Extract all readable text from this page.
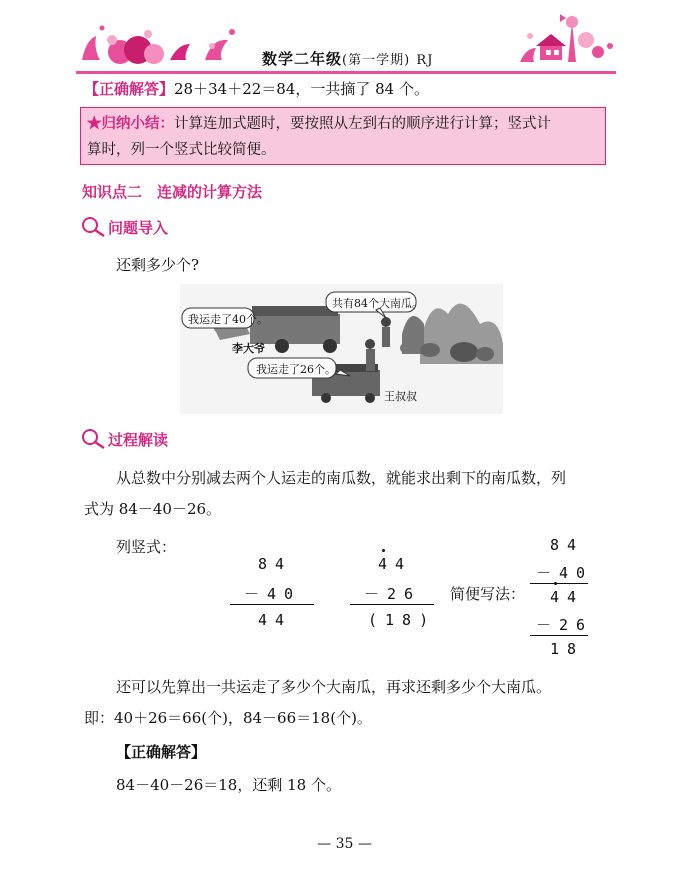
数学二年级(第一学期) RJ
【正确解答】28＋34＋22＝84，一共摘了 84 个。
★归纳小结：计算连加式题时，要按照从左到右的顺序进行计算；竖式计
算时，列一个竖式比较简便。
知识点二　连减的计算方法
问题导入
还剩多少个?
我运走了40个。
共有84个大南瓜。
我运走了26个。
李大爷
王叔叔
过程解读
从总数中分别减去两个人运走的南瓜数，就能求出剩下的南瓜数，列
式为 84－40－26。
列竖式：
84
－40
44
44
－26
(18)
简便写法：
84
－40
44
－26
18
还可以先算出一共运走了多少个大南瓜，再求还剩多少个大南瓜。
即：40＋26＝66(个)，84－66＝18(个)。
【正确解答】
84－40－26＝18，还剩 18 个。
— 35 —
